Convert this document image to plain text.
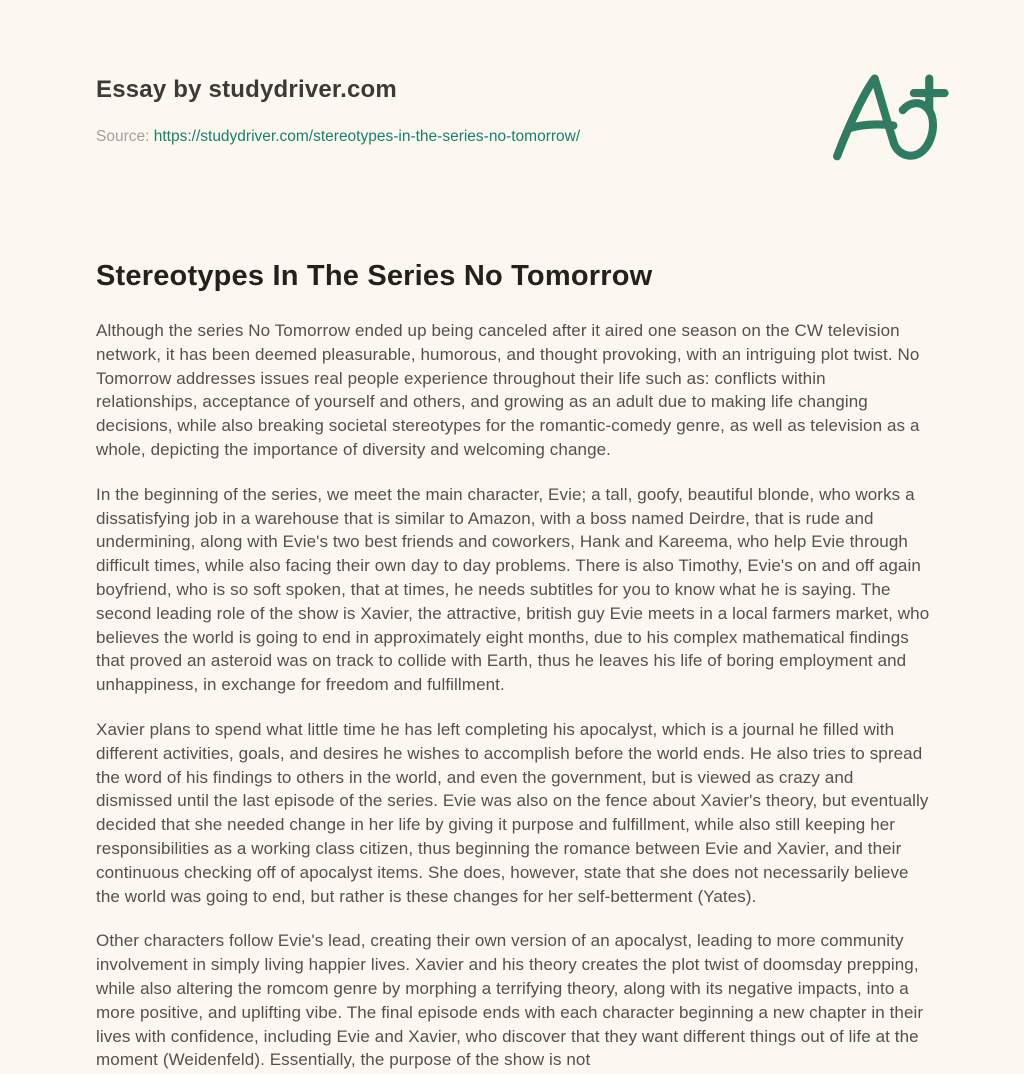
Essay by studydriver.com

Source: https://studydriver.com/stereotypes-in-the-series-no-tomorrow/

Stereotypes In The Series No Tomorrow

Although the series No Tomorrow ended up being canceled after it aired one season on the CW television network, it has been deemed pleasurable, humorous, and thought provoking, with an intriguing plot twist. No Tomorrow addresses issues real people experience throughout their life such as: conflicts within relationships, acceptance of yourself and others, and growing as an adult due to making life changing decisions, while also breaking societal stereotypes for the romantic-comedy genre, as well as television as a whole, depicting the importance of diversity and welcoming change.

In the beginning of the series, we meet the main character, Evie; a tall, goofy, beautiful blonde, who works a dissatisfying job in a warehouse that is similar to Amazon, with a boss named Deirdre, that is rude and undermining, along with Evie's two best friends and coworkers, Hank and Kareema, who help Evie through difficult times, while also facing their own day to day problems. There is also Timothy, Evie's on and off again boyfriend, who is so soft spoken, that at times, he needs subtitles for you to know what he is saying. The second leading role of the show is Xavier, the attractive, british guy Evie meets in a local farmers market, who believes the world is going to end in approximately eight months, due to his complex mathematical findings that proved an asteroid was on track to collide with Earth, thus he leaves his life of boring employment and unhappiness, in exchange for freedom and fulfillment.

Xavier plans to spend what little time he has left completing his apocalyst, which is a journal he filled with different activities, goals, and desires he wishes to accomplish before the world ends. He also tries to spread the word of his findings to others in the world, and even the government, but is viewed as crazy and dismissed until the last episode of the series. Evie was also on the fence about Xavier's theory, but eventually decided that she needed change in her life by giving it purpose and fulfillment, while also still keeping her responsibilities as a working class citizen, thus beginning the romance between Evie and Xavier, and their continuous checking off of apocalyst items. She does, however, state that she does not necessarily believe the world was going to end, but rather is these changes for her self-betterment (Yates).

Other characters follow Evie's lead, creating their own version of an apocalyst, leading to more community involvement in simply living happier lives. Xavier and his theory creates the plot twist of doomsday prepping, while also altering the romcom genre by morphing a terrifying theory, along with its negative impacts, into a more positive, and uplifting vibe. The final episode ends with each character beginning a new chapter in their lives with confidence, including Evie and Xavier, who discover that they want different things out of life at the moment (Weidenfeld). Essentially, the purpose of the show is not
